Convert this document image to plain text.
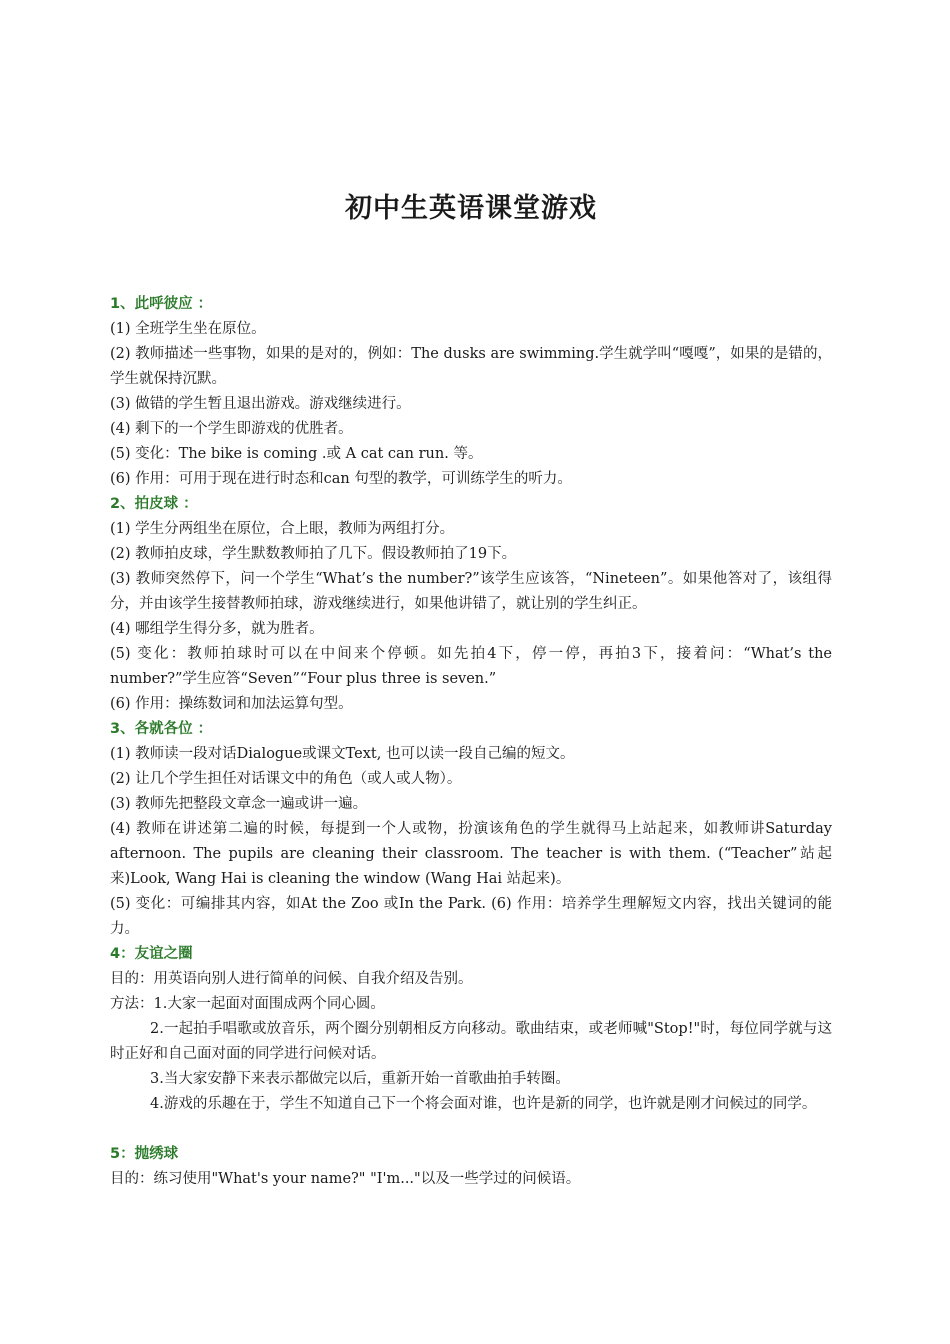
初中生英语课堂游戏

1、此呼彼应 ：

(1) 全班学生坐在原位。

(2) 教师描述一些事物，如果的是对的，例如：The dusks are swimming.学生就学叫“嘎嘎”，如果的是错的，学生就保持沉默。

(3) 做错的学生暂且退出游戏。游戏继续进行。

(4) 剩下的一个学生即游戏的优胜者。

(5) 变化：The bike is coming .或 A cat can run. 等。

(6) 作用：可用于现在进行时态和can 句型的教学，可训练学生的听力。

2、拍皮球 ：

(1) 学生分两组坐在原位，合上眼，教师为两组打分。

(2) 教师拍皮球，学生默数教师拍了几下。假设教师拍了19下。

(3) 教师突然停下，问一个学生“What’s the number?”该学生应该答，“Nineteen”。如果他答对了，该组得分，并由该学生接替教师拍球，游戏继续进行，如果他讲错了，就让别的学生纠正。

(4) 哪组学生得分多，就为胜者。

(5) 变化：教师拍球时可以在中间来个停顿。如先拍4下，停一停，再拍3下，接着问：“What’s the number?”学生应答“Seven”“Four plus three is seven.”

(6) 作用：操练数词和加法运算句型。

3、各就各位 ：

(1) 教师读一段对话Dialogue或课文Text, 也可以读一段自己编的短文。

(2) 让几个学生担任对话课文中的角色（或人或人物）。

(3) 教师先把整段文章念一遍或讲一遍。

(4) 教师在讲述第二遍的时候，每提到一个人或物，扮演该角色的学生就得马上站起来，如教师讲Saturday afternoon. The pupils are cleaning their classroom. The teacher is with them. (“Teacher”站起来)Look, Wang Hai is cleaning the window (Wang Hai 站起来)。

(5) 变化：可编排其内容，如At the Zoo 或In the Park. (6) 作用：培养学生理解短文内容，找出关键词的能力。

4：友谊之圈

目的：用英语向别人进行简单的问候、自我介绍及告别。

方法：1.大家一起面对面围成两个同心圆。

2.一起拍手唱歌或放音乐，两个圈分别朝相反方向移动。歌曲结束，或老师喊"Stop!"时，每位同学就与这时正好和自己面对面的同学进行问候对话。

3.当大家安静下来表示都做完以后，重新开始一首歌曲拍手转圈。

4.游戏的乐趣在于，学生不知道自己下一个将会面对谁，也许是新的同学，也许就是刚才问候过的同学。

5：抛绣球

目的：练习使用"What's your name?" "I'm..."以及一些学过的问候语。
